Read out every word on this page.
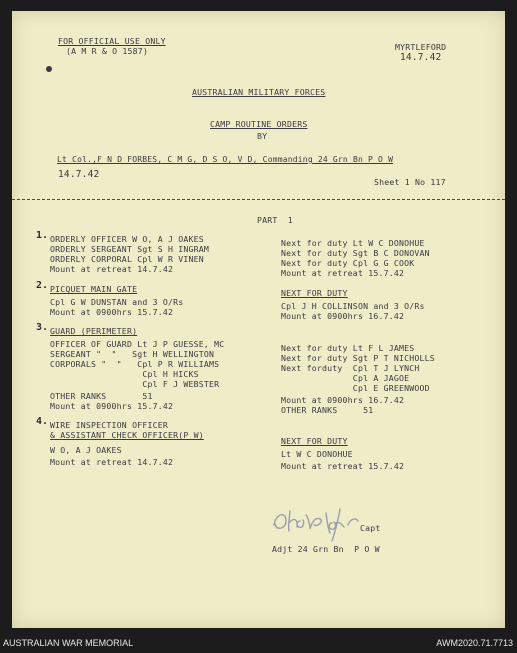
FOR OFFICIAL USE ONLY
(A M R & O 1587)	MYRTLEFORD
14.7.42
AUSTRALIAN MILITARY FORCES
CAMP ROUTINE ORDERS
BY
Lt Col.,F N D FORBES, C M G, D S O, V D, Commanding 24 Grn Bn P O W
14.7.42
Sheet 1 No 117
PART  1
1. ORDERLY OFFICER W O, A J OAKES
ORDERLY SERGEANT Sgt S H INGRAM
ORDERLY CORPORAL Cpl W R VINEN
Mount at retreat 14.7.42
Next for duty Lt W C DONOHUE
Next for duty Sgt B C DONOVAN
Next for duty Cpl G G COOK
Mount at retreat 15.7.42
2. PICQUET MAIN GATE
Cpl G W DUNSTAN and 3 O/Rs
Mount at 0900hrs 15.7.42
NEXT FOR DUTY
Cpl J H COLLINSON and 3 O/Rs
Mount at 0900hrs 16.7.42
3. GUARD (PERIMETER)
OFFICER OF GUARD Lt J P GUESSE, MC
SERGEANT "  "   Sgt H WELLINGTON
CORPORALS "  "   Cpl P R WILLIAMS
Cpl H HICKS
Cpl F J WEBSTER
OTHER RANKS       51
Mount at 0900hrs 15.7.42
Next for duty Lt F L JAMES
Next for duty Sgt P T NICHOLLS
Next forduty  Cpl T J LYNCH
Cpl A JAGOE
Cpl E GREENWOOD
Mount at 0900hrs 16.7.42
OTHER RANKS     51
4. WIRE INSPECTION OFFICER
& ASSISTANT CHECK OFFICER(P W)
W O, A J OAKES
Mount at retreat 14.7.42
NEXT FOR DUTY
Lt W C DONOHUE
Mount at retreat 15.7.42
Capt
Adjt 24 Grn Bn  P O W
AUSTRALIAN WAR MEMORIAL	AWM2020.71.7713
